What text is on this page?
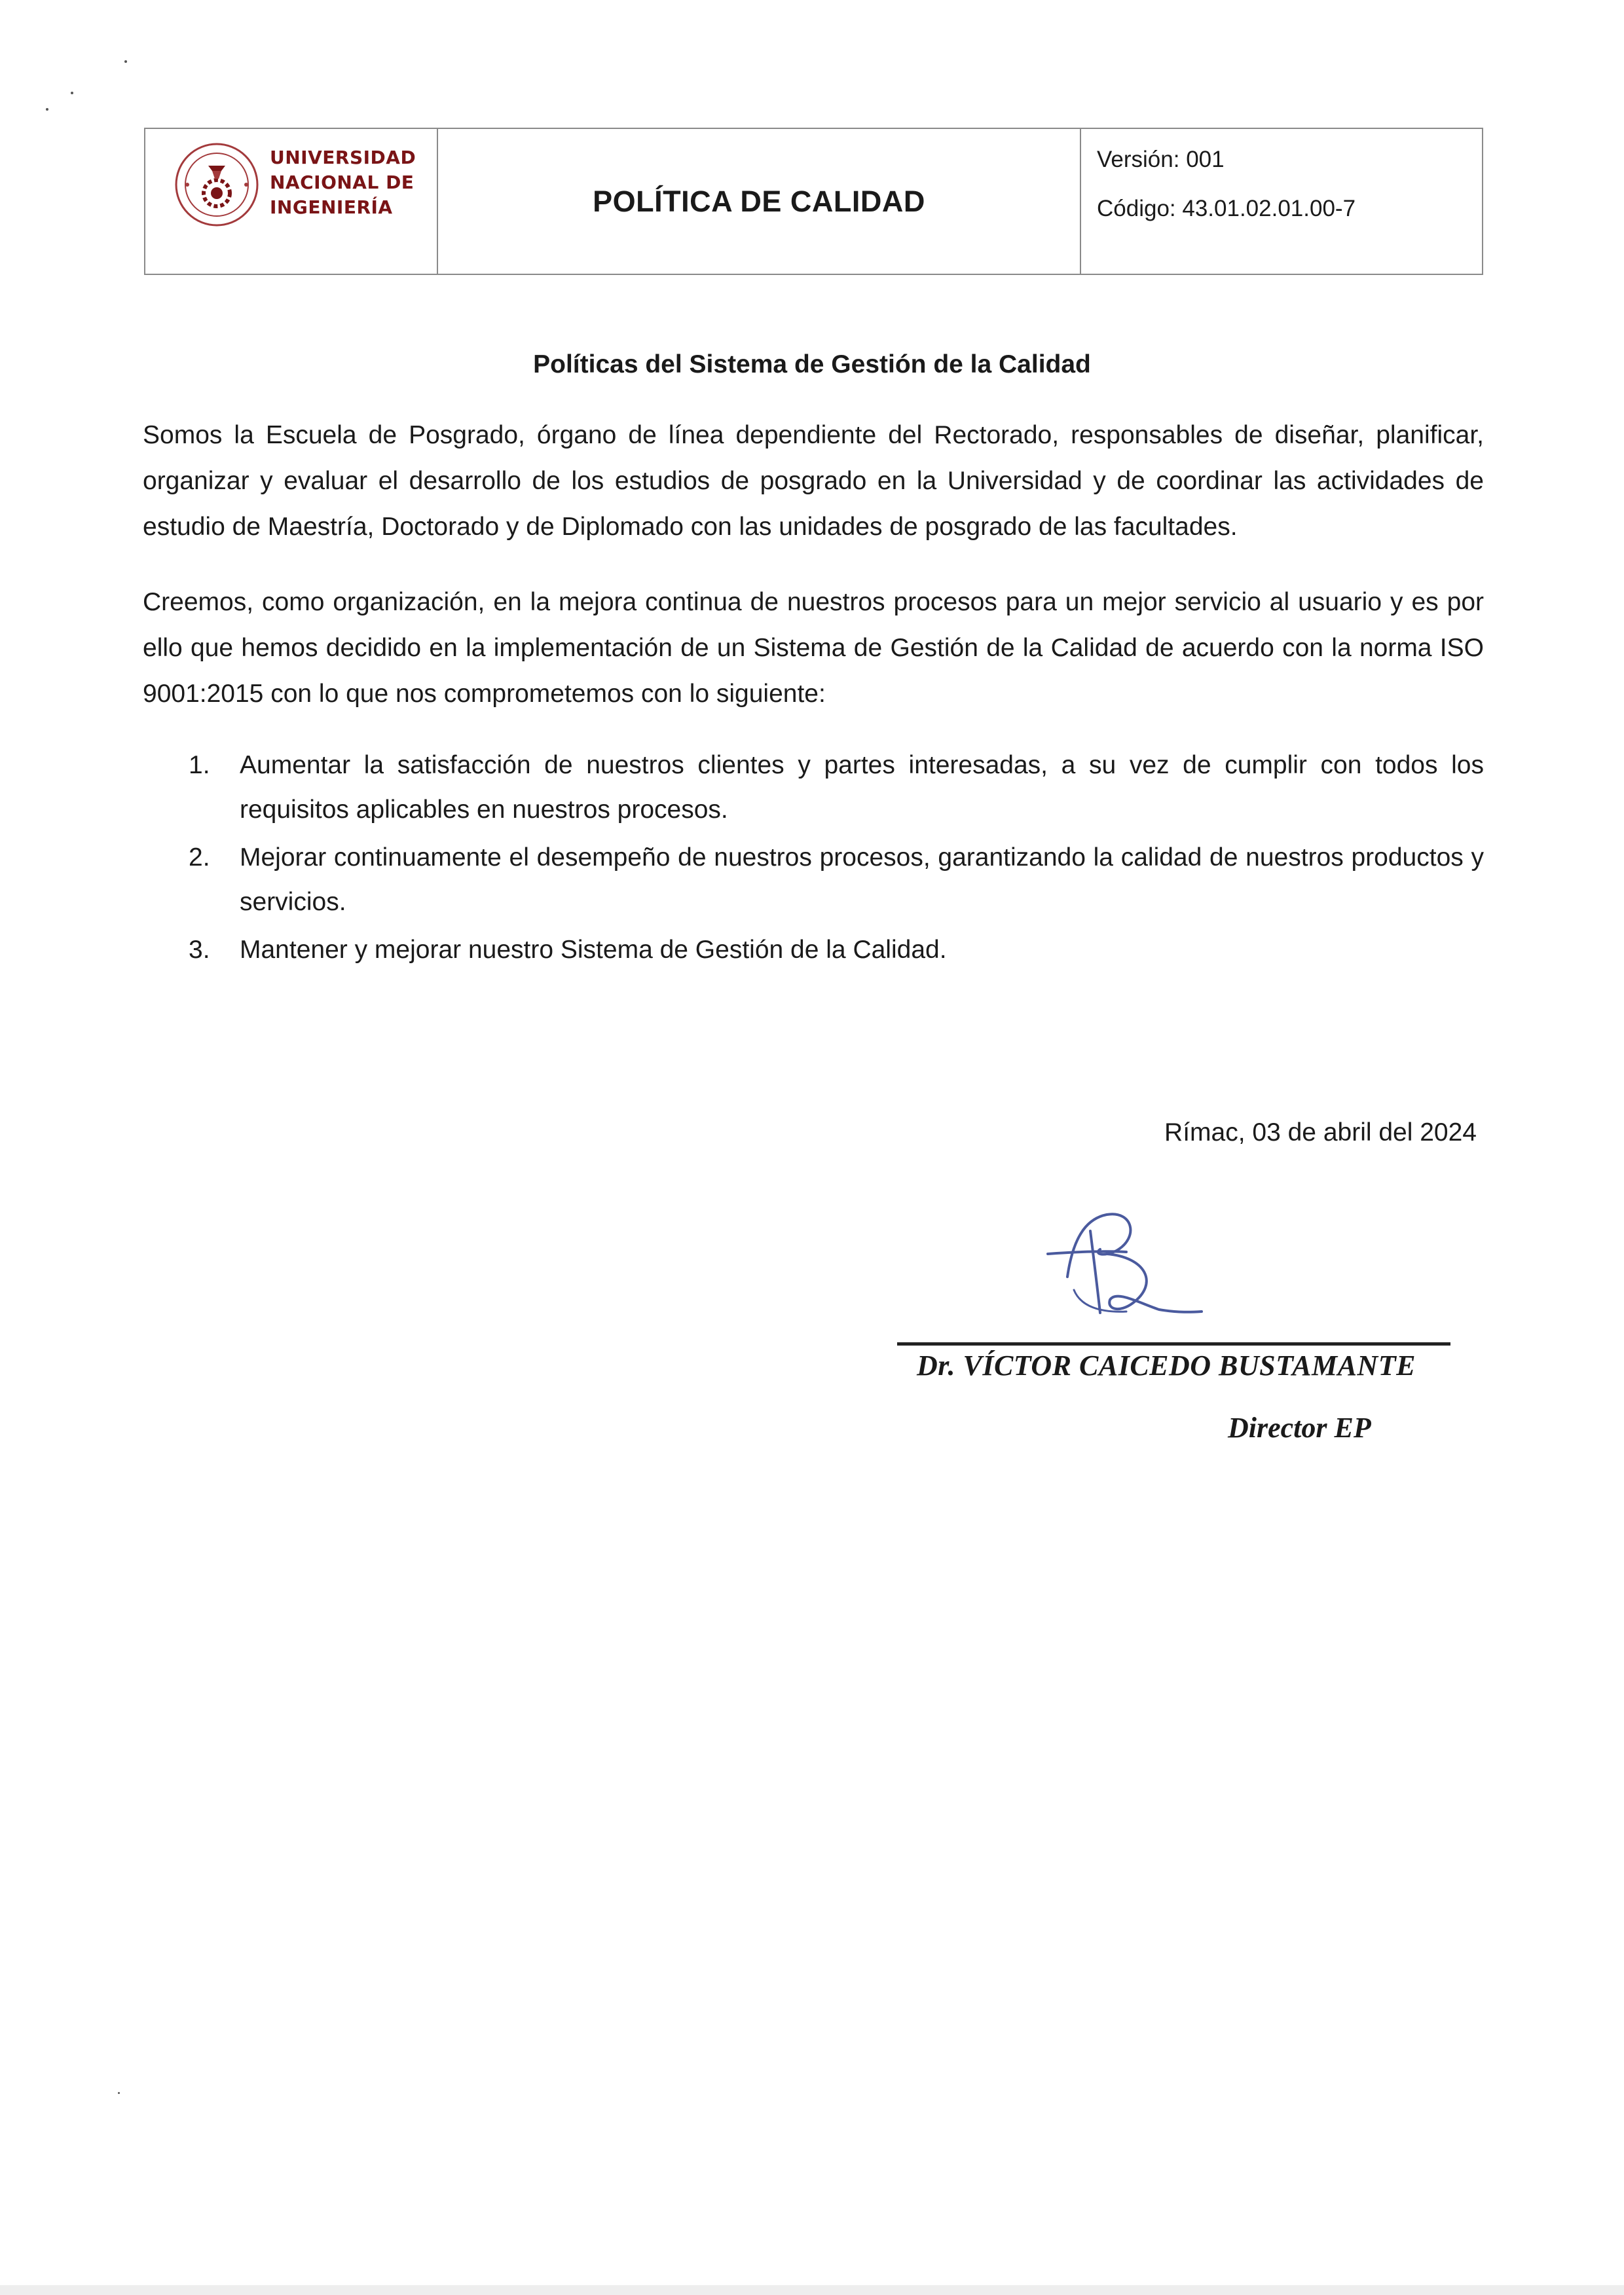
UNIVERSIDAD
NACIONAL DE
INGENIERÍA	POLÍTICA DE CALIDAD
Versión: 001
Código: 43.01.02.01.00-7
Políticas del Sistema de Gestión de la Calidad

Somos la Escuela de Posgrado, órgano de línea dependiente del Rectorado, responsables de diseñar, planificar, organizar y evaluar el desarrollo de los estudios de posgrado en la Universidad y de coordinar las actividades de estudio de Maestría, Doctorado y de Diplomado con las unidades de posgrado de las facultades.

Creemos, como organización, en la mejora continua de nuestros procesos para un mejor servicio al usuario y es por ello que hemos decidido en la implementación de un Sistema de Gestión de la Calidad de acuerdo con la norma ISO 9001:2015 con lo que nos comprometemos con lo siguiente:

1. Aumentar la satisfacción de nuestros clientes y partes interesadas, a su vez de cumplir con todos los requisitos aplicables en nuestros procesos.
2. Mejorar continuamente el desempeño de nuestros procesos, garantizando la calidad de nuestros productos y servicios.
3. Mantener y mejorar nuestro Sistema de Gestión de la Calidad.
Rímac, 03 de abril del 2024
Dr. VÍCTOR CAICEDO BUSTAMANTE
Director EP
